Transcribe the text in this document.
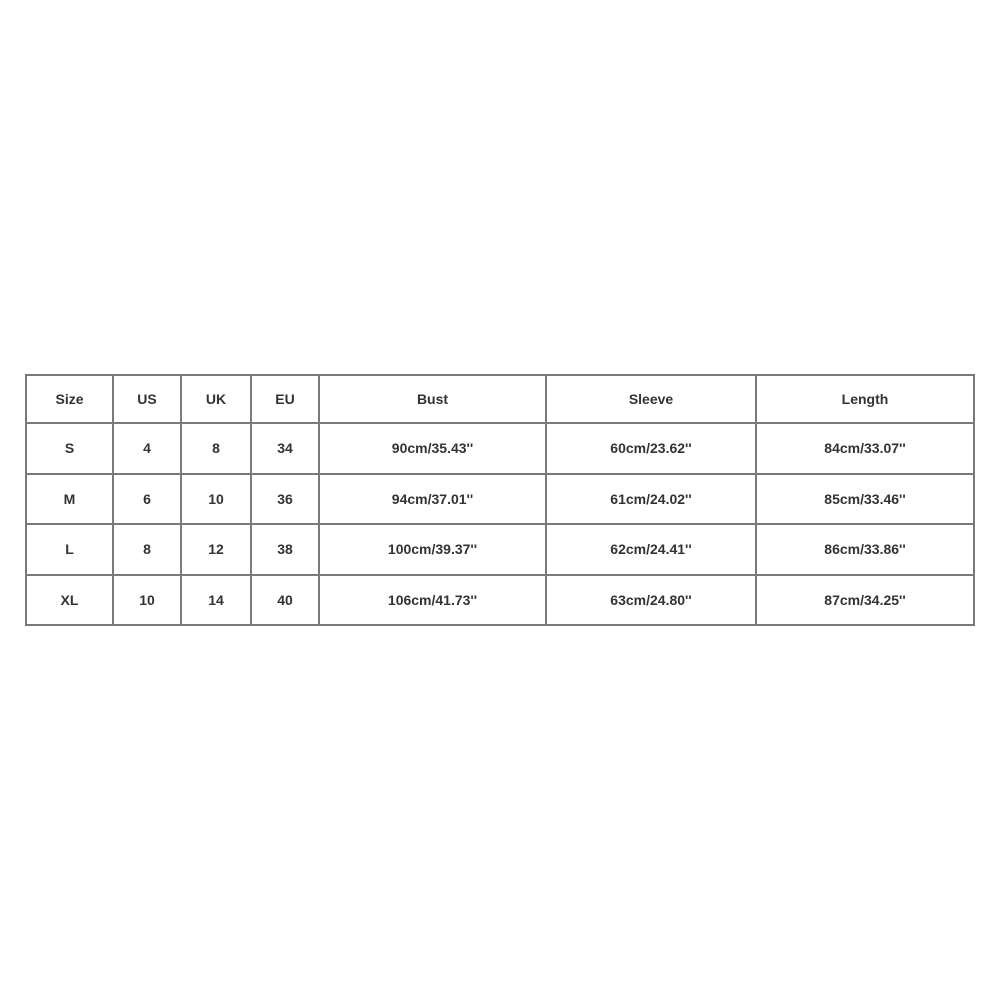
Size	US	UK	EU	Bust	Sleeve	Length
S	4	8	34	90cm/35.43''	60cm/23.62''	84cm/33.07''
M	6	10	36	94cm/37.01''	61cm/24.02''	85cm/33.46''
L	8	12	38	100cm/39.37''	62cm/24.41''	86cm/33.86''
XL	10	14	40	106cm/41.73''	63cm/24.80''	87cm/34.25''
